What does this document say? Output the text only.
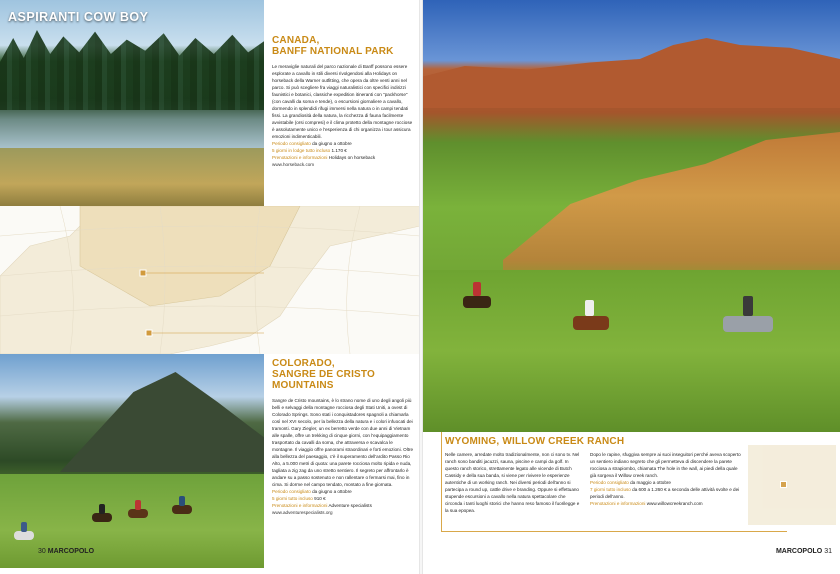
ASPIRANTI COW BOY
CANADA,
BANFF NATIONAL PARK

Le meraviglie naturali del parco nazionale di Banff possono essere esplorate a cavallo in stili diversi rivolgendosi alla Holidays on horseback della Warner outfitting, che opera da oltre venti anni nel parco. Si può scegliere fra viaggi naturalistici con specifici indirizzi faunistici e botanici, classiche expedition itineranti con "packhorse" (con cavalli da soma e tende), o escursioni giornaliere a cavallo, dormendo in splendidi rifugi immersi nella natura o in campi tendati fissi. La grandiosità della natura, la ricchezza di fauna facilmente avvistabile (orsi compresi) e il clima protetto della montagne rocciose è assolutamente unico e l'esperienza di chi organizza i tour assicura emozioni indimenticabili.

Periodo consigliato da giugno a ottobre

5 giorni in lodge tutto incluso 1.170 €

Prenotazioni e informazioni Holidays on horseback

www.horseback.com

COLORADO,
SANGRE DE CRISTO MOUNTAINS

Sangre de Cristo mountains, è lo strano nome di uno degli angoli più belli e selvaggi della montagne rocciosa degli Stati Uniti, a ovest di Colorado Springs. Sono stati i conquistadores spagnoli a chiamarla così nel XVI secolo, per la bellezza della natura e i colori infuocati dei tramonti. Gary Ziegler, un ex berretto verde con due anni di Vietnam alle spalle, offre un trekking di cinque giorni, con l'equipaggiamento trasportato da cavalli da soma, che attraversa e scavalca le montagne. Il viaggio offre panorami straordinari e forti emozioni. Oltre alla bellezza del paesaggio, c'è il superamento dell'ardito Passo Rio Alto, a 5.000 metri di quota: una parete rocciosa molto ripida e nuda, tagliata a zig zag da uno stretto sentiero. Il segreto per affrontarlo è andare su a passo sostenuto e non rallentare o fermarsi mai, fino in cima. Si dorme nel campo tendato, montato a fine giornata.

Periodo consigliato da giugno a ottobre

5 giorni tutto incluso 910 €

Prenotazioni e informazioni Adventure specialists

www.adventurespecialists.org

30 MARCOPOLO
WYOMING, WILLOW CREEK RANCH

Nelle camere, arredate molto tradizionalmente, non ci sono tv. Nel ranch sono banditi jacuzzi, sauna, piscine e campi da golf. In questo ranch storico, strettamente legato alle vicende di Butch Cassidy e della sua banda, si viene per rivivere le esperienze autentiche di un working ranch. Nei diversi periodi dell'anno si partecipa a round up, cattle drive e branding. Oppure si effettuano stupende escursioni a cavallo nella natura spettacolare che circonda i tanti luoghi storici che hanno reso famoso il fuorilegge e la sua epopea.

Dopo le rapine, sfuggiva sempre ai suoi inseguitori perché aveva scoperto un sentiero indiano segreto che gli permetteva di discendere la parete rocciosa a strapiombo, chiamata The hole in the wall, ai piedi della quale già sorgeva il Willow creek ranch.

Periodo consigliato da maggio a ottobre

7 giorni tutto incluso da 600 a 1.260 € a seconda delle attività svolte e dei periodi dell'anno.

Prenotazioni e informazioni www.willowcreekranch.com

MARCOPOLO 31
